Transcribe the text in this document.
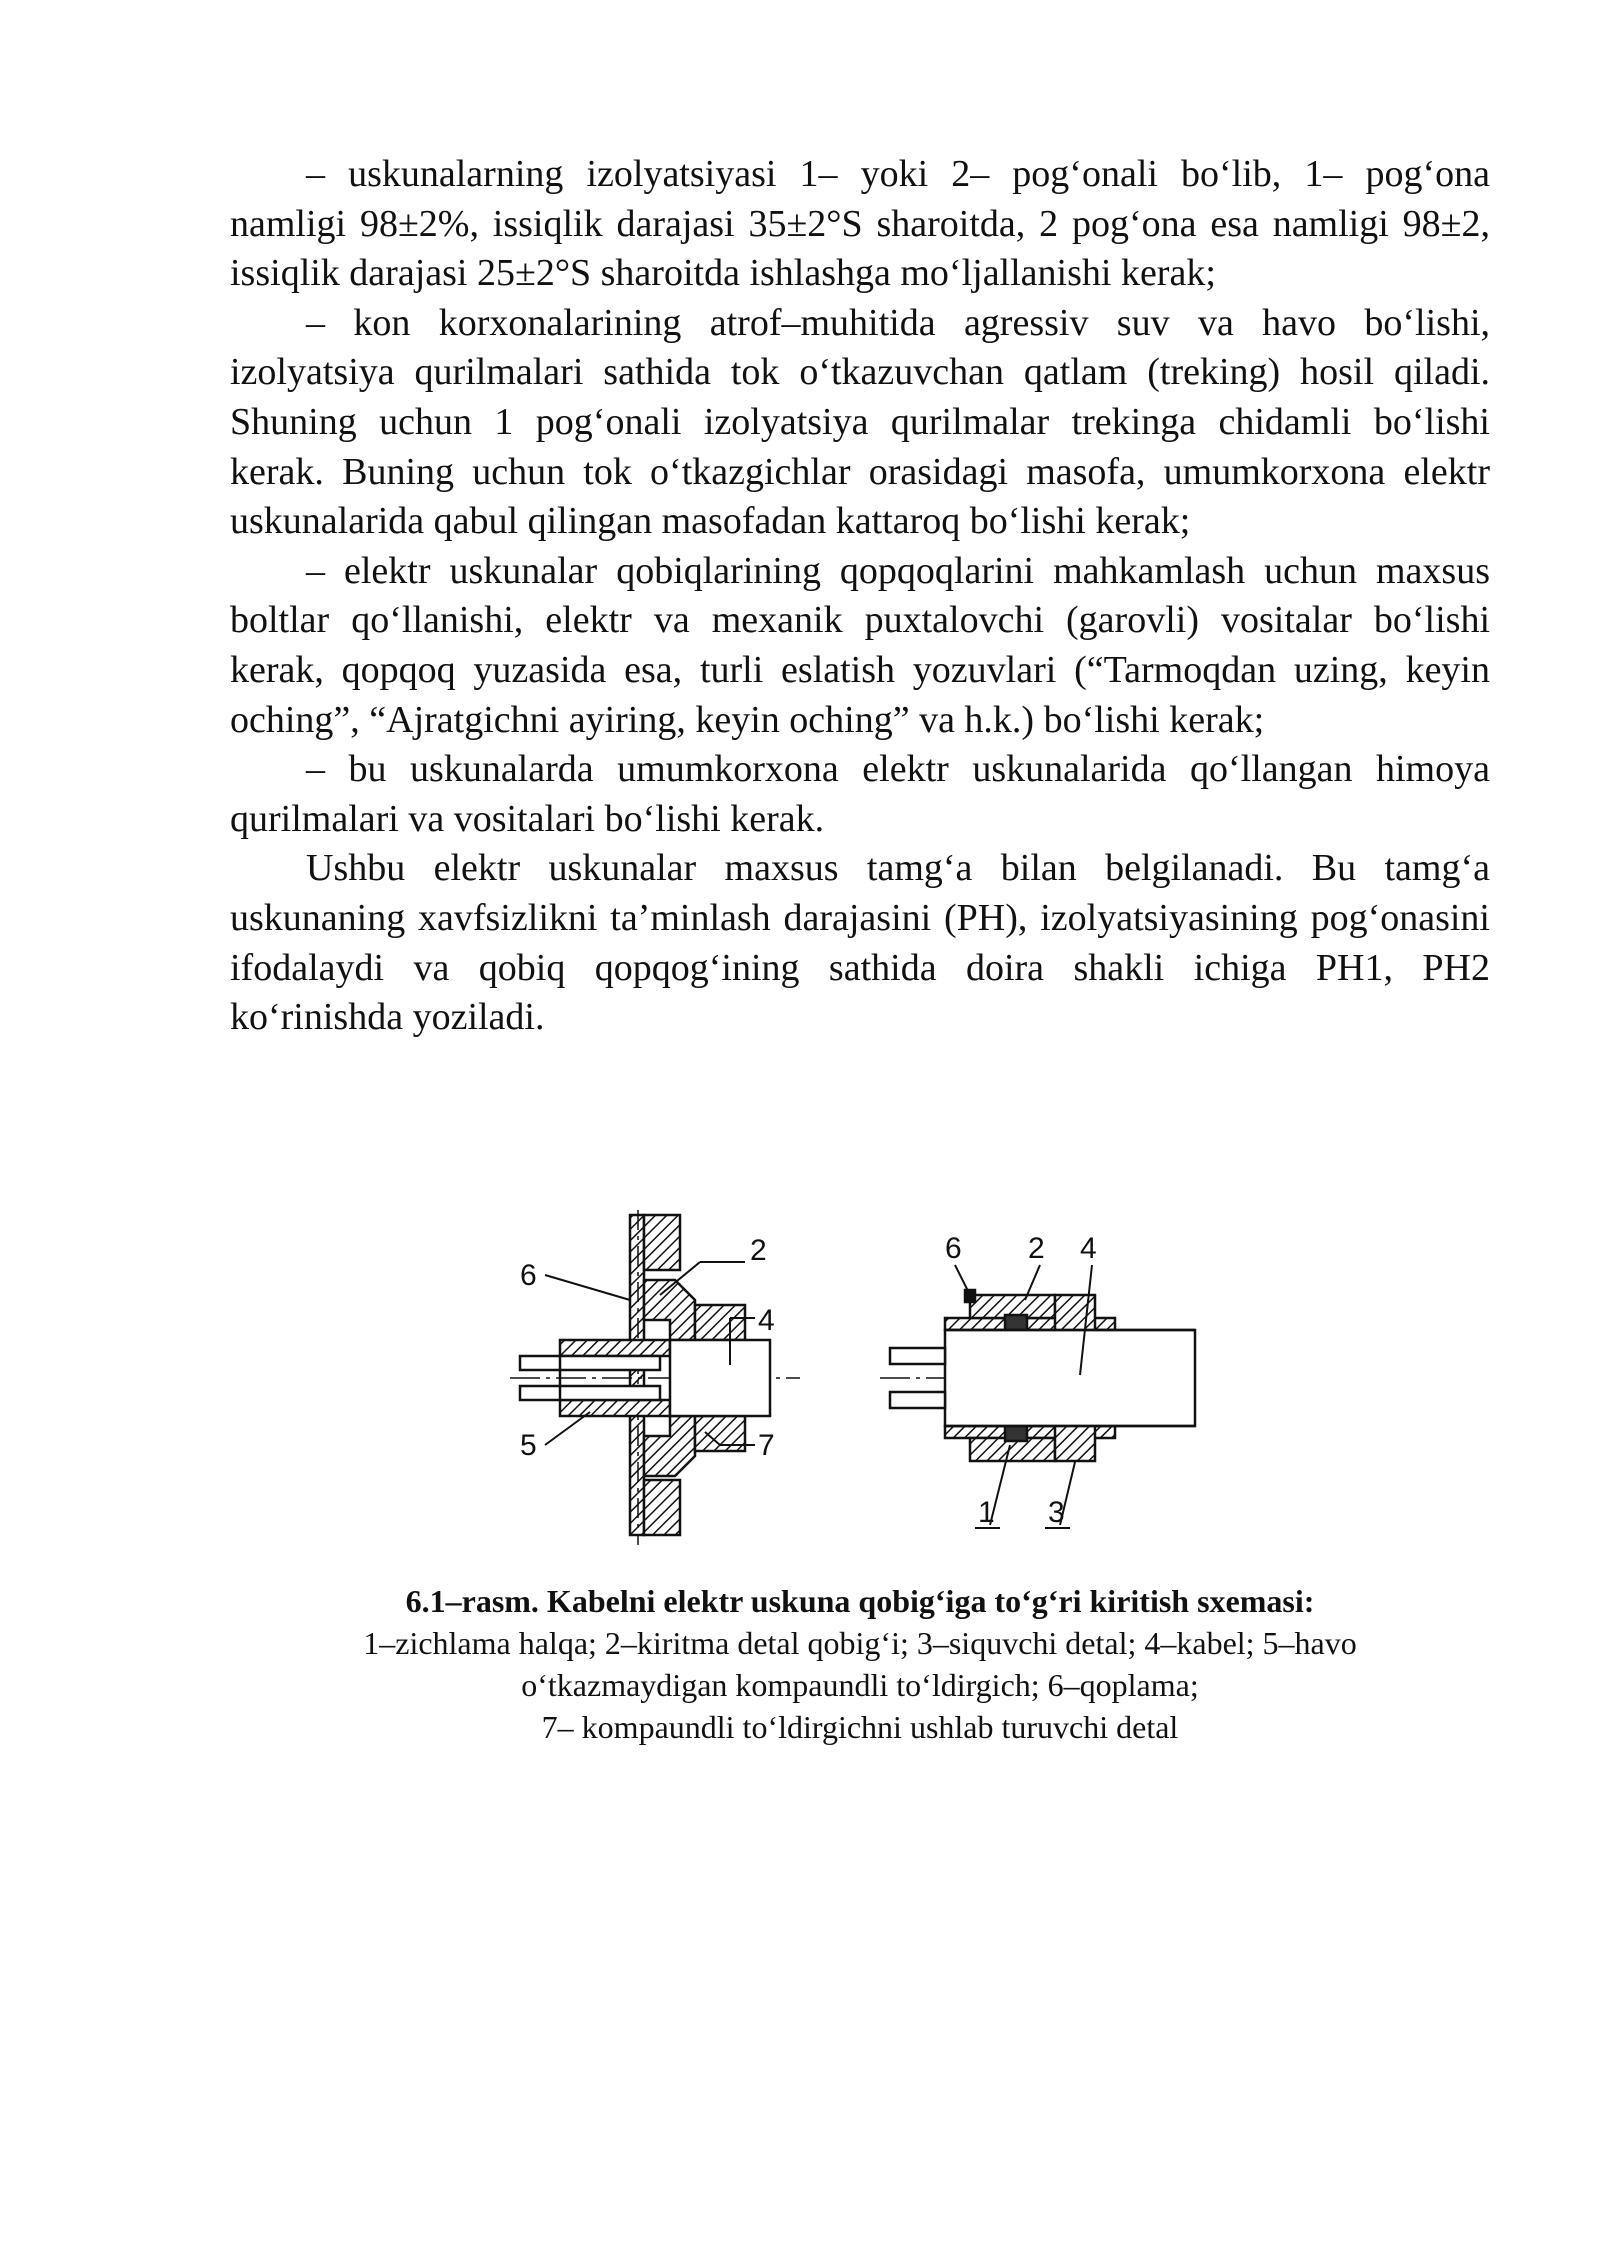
– uskunalarning izolyatsiyasi 1– yoki 2– pog‘onali bo‘lib, 1– pog‘ona namligi 98±2%, issiqlik darajasi 35±2°S sharoitda, 2 pog‘ona esa namligi 98±2, issiqlik darajasi 25±2°S sharoitda ishlashga mo‘ljallanishi kerak;

– kon korxonalarining atrof–muhitida agressiv suv va havo bo‘lishi, izolyatsiya qurilmalari sathida tok o‘tkazuvchan qatlam (treking) hosil qiladi. Shuning uchun 1 pog‘onali izolyatsiya qurilmalar trekinga chidamli bo‘lishi kerak. Buning uchun tok o‘tkazgichlar orasidagi masofa, umumkorxona elektr uskunalarida qabul qilingan masofadan kattaroq bo‘lishi kerak;

– elektr uskunalar qobiqlarining qopqoqlarini mahkamlash uchun maxsus boltlar qo‘llanishi, elektr va mexanik puxtalovchi (garovli) vositalar bo‘lishi kerak, qopqoq yuzasida esa, turli eslatish yozuvlari (“Tarmoqdan uzing, keyin oching”, “Ajratgichni ayiring, keyin oching” va h.k.) bo‘lishi kerak;

– bu uskunalarda umumkorxona elektr uskunalarida qo‘llangan himoya qurilmalari va vositalari bo‘lishi kerak.

Ushbu elektr uskunalar maxsus tamg‘a bilan belgilanadi. Bu tamg‘a uskunaning xavfsizlikni ta’minlash darajasini (PH), izolyatsiyasining pog‘onasini ifodalaydi va qobiq qopqog‘ining sathida doira shakli ichiga PH1, PH2 ko‘rinishda yoziladi.

2
6
4
5	7
6 2 4
1 3
6.1–rasm. Kabelni elektr uskuna qobig‘iga to‘g‘ri kiritish sxemasi:
1–zichlama halqa; 2–kiritma detal qobig‘i; 3–siquvchi detal; 4–kabel; 5–havo
o‘tkazmaydigan kompaundli to‘ldirgich; 6–qoplama;
7– kompaundli to‘ldirgichni ushlab turuvchi detal
